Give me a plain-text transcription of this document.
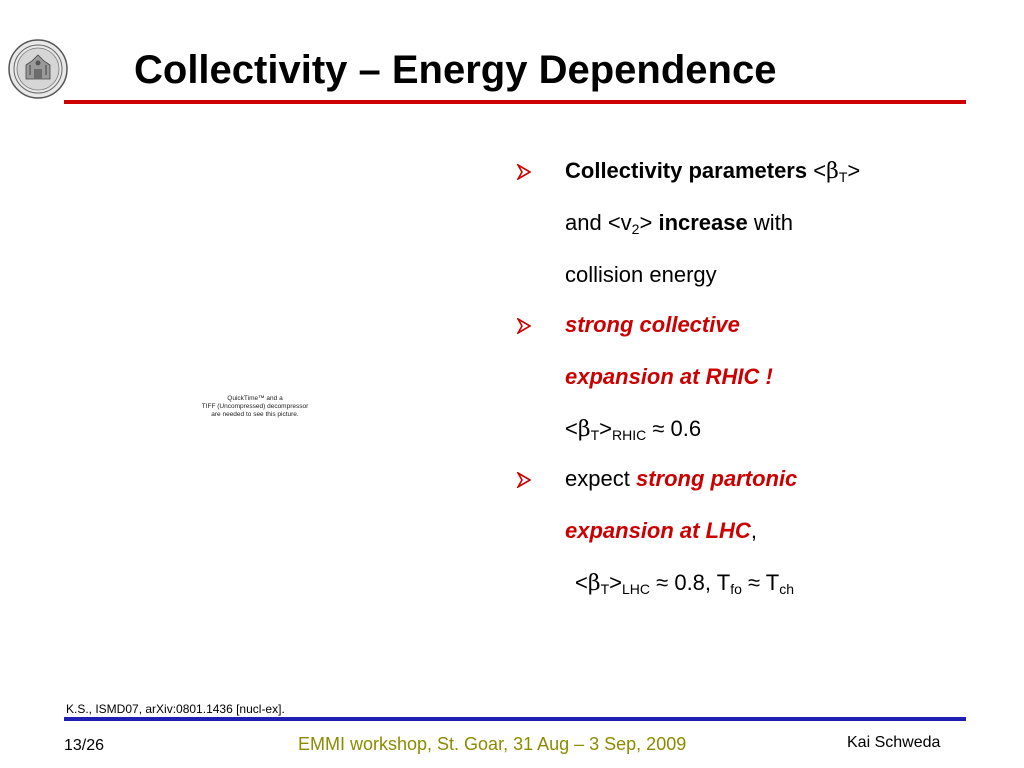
Collectivity – Energy Dependence
QuickTime™ and a
TIFF (Uncompressed) decompressor
are needed to see this picture.
Collectivity parameters $<\beta_T>$
and $<v_2>$ increase with
collision energy
strong collective
expansion at RHIC !
$<\beta_T>_{RHIC} \approx 0.6$
expect strong partonic
expansion at LHC,
$<\beta_T>_{LHC} \approx 0.8$, $T_{fo} \approx T_{ch}$
K.S., ISMD07, arXiv:0801.1436 [nucl-ex].
13/26	EMMI workshop, St. Goar, 31 Aug – 3 Sep, 2009	Kai Schweda
